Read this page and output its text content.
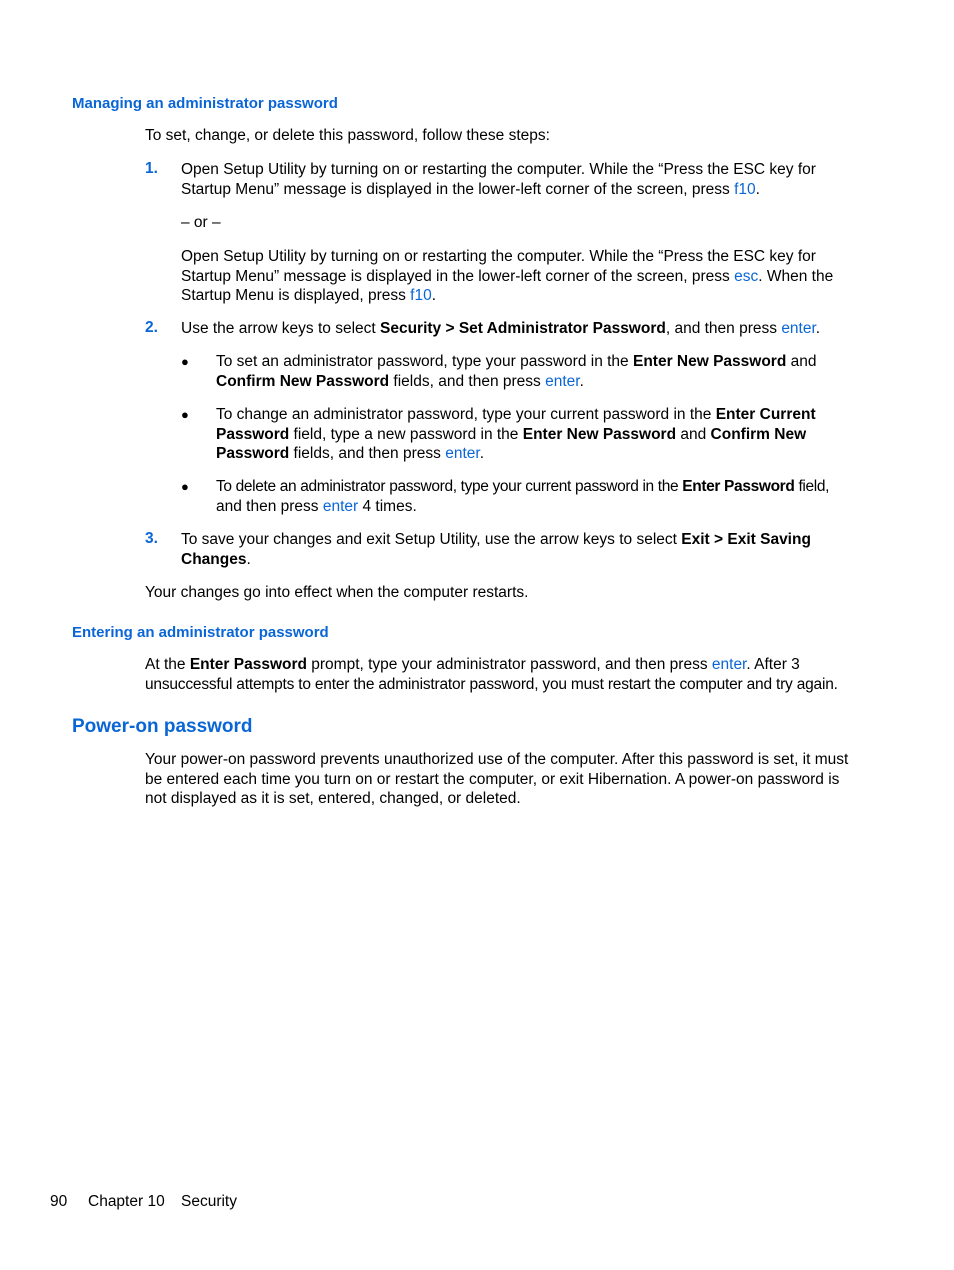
Managing an administrator password
To set, change, or delete this password, follow these steps:
1. Open Setup Utility by turning on or restarting the computer. While the “Press the ESC key for
Startup Menu” message is displayed in the lower-left corner of the screen, press f10.
– or –
Open Setup Utility by turning on or restarting the computer. While the “Press the ESC key for
Startup Menu” message is displayed in the lower-left corner of the screen, press esc. When the
Startup Menu is displayed, press f10.
2. Use the arrow keys to select Security > Set Administrator Password, and then press enter.
● To set an administrator password, type your password in the Enter New Password and
Confirm New Password fields, and then press enter.
● To change an administrator password, type your current password in the Enter Current
Password field, type a new password in the Enter New Password and Confirm New
Password fields, and then press enter.
● To delete an administrator password, type your current password in the Enter Password field,
and then press enter 4 times.
3. To save your changes and exit Setup Utility, use the arrow keys to select Exit > Exit Saving
Changes.
Your changes go into effect when the computer restarts.
Entering an administrator password
At the Enter Password prompt, type your administrator password, and then press enter. After 3
unsuccessful attempts to enter the administrator password, you must restart the computer and try again.
Power-on password
Your power-on password prevents unauthorized use of the computer. After this password is set, it must
be entered each time you turn on or restart the computer, or exit Hibernation. A power-on password is
not displayed as it is set, entered, changed, or deleted.
90 Chapter 10 Security
